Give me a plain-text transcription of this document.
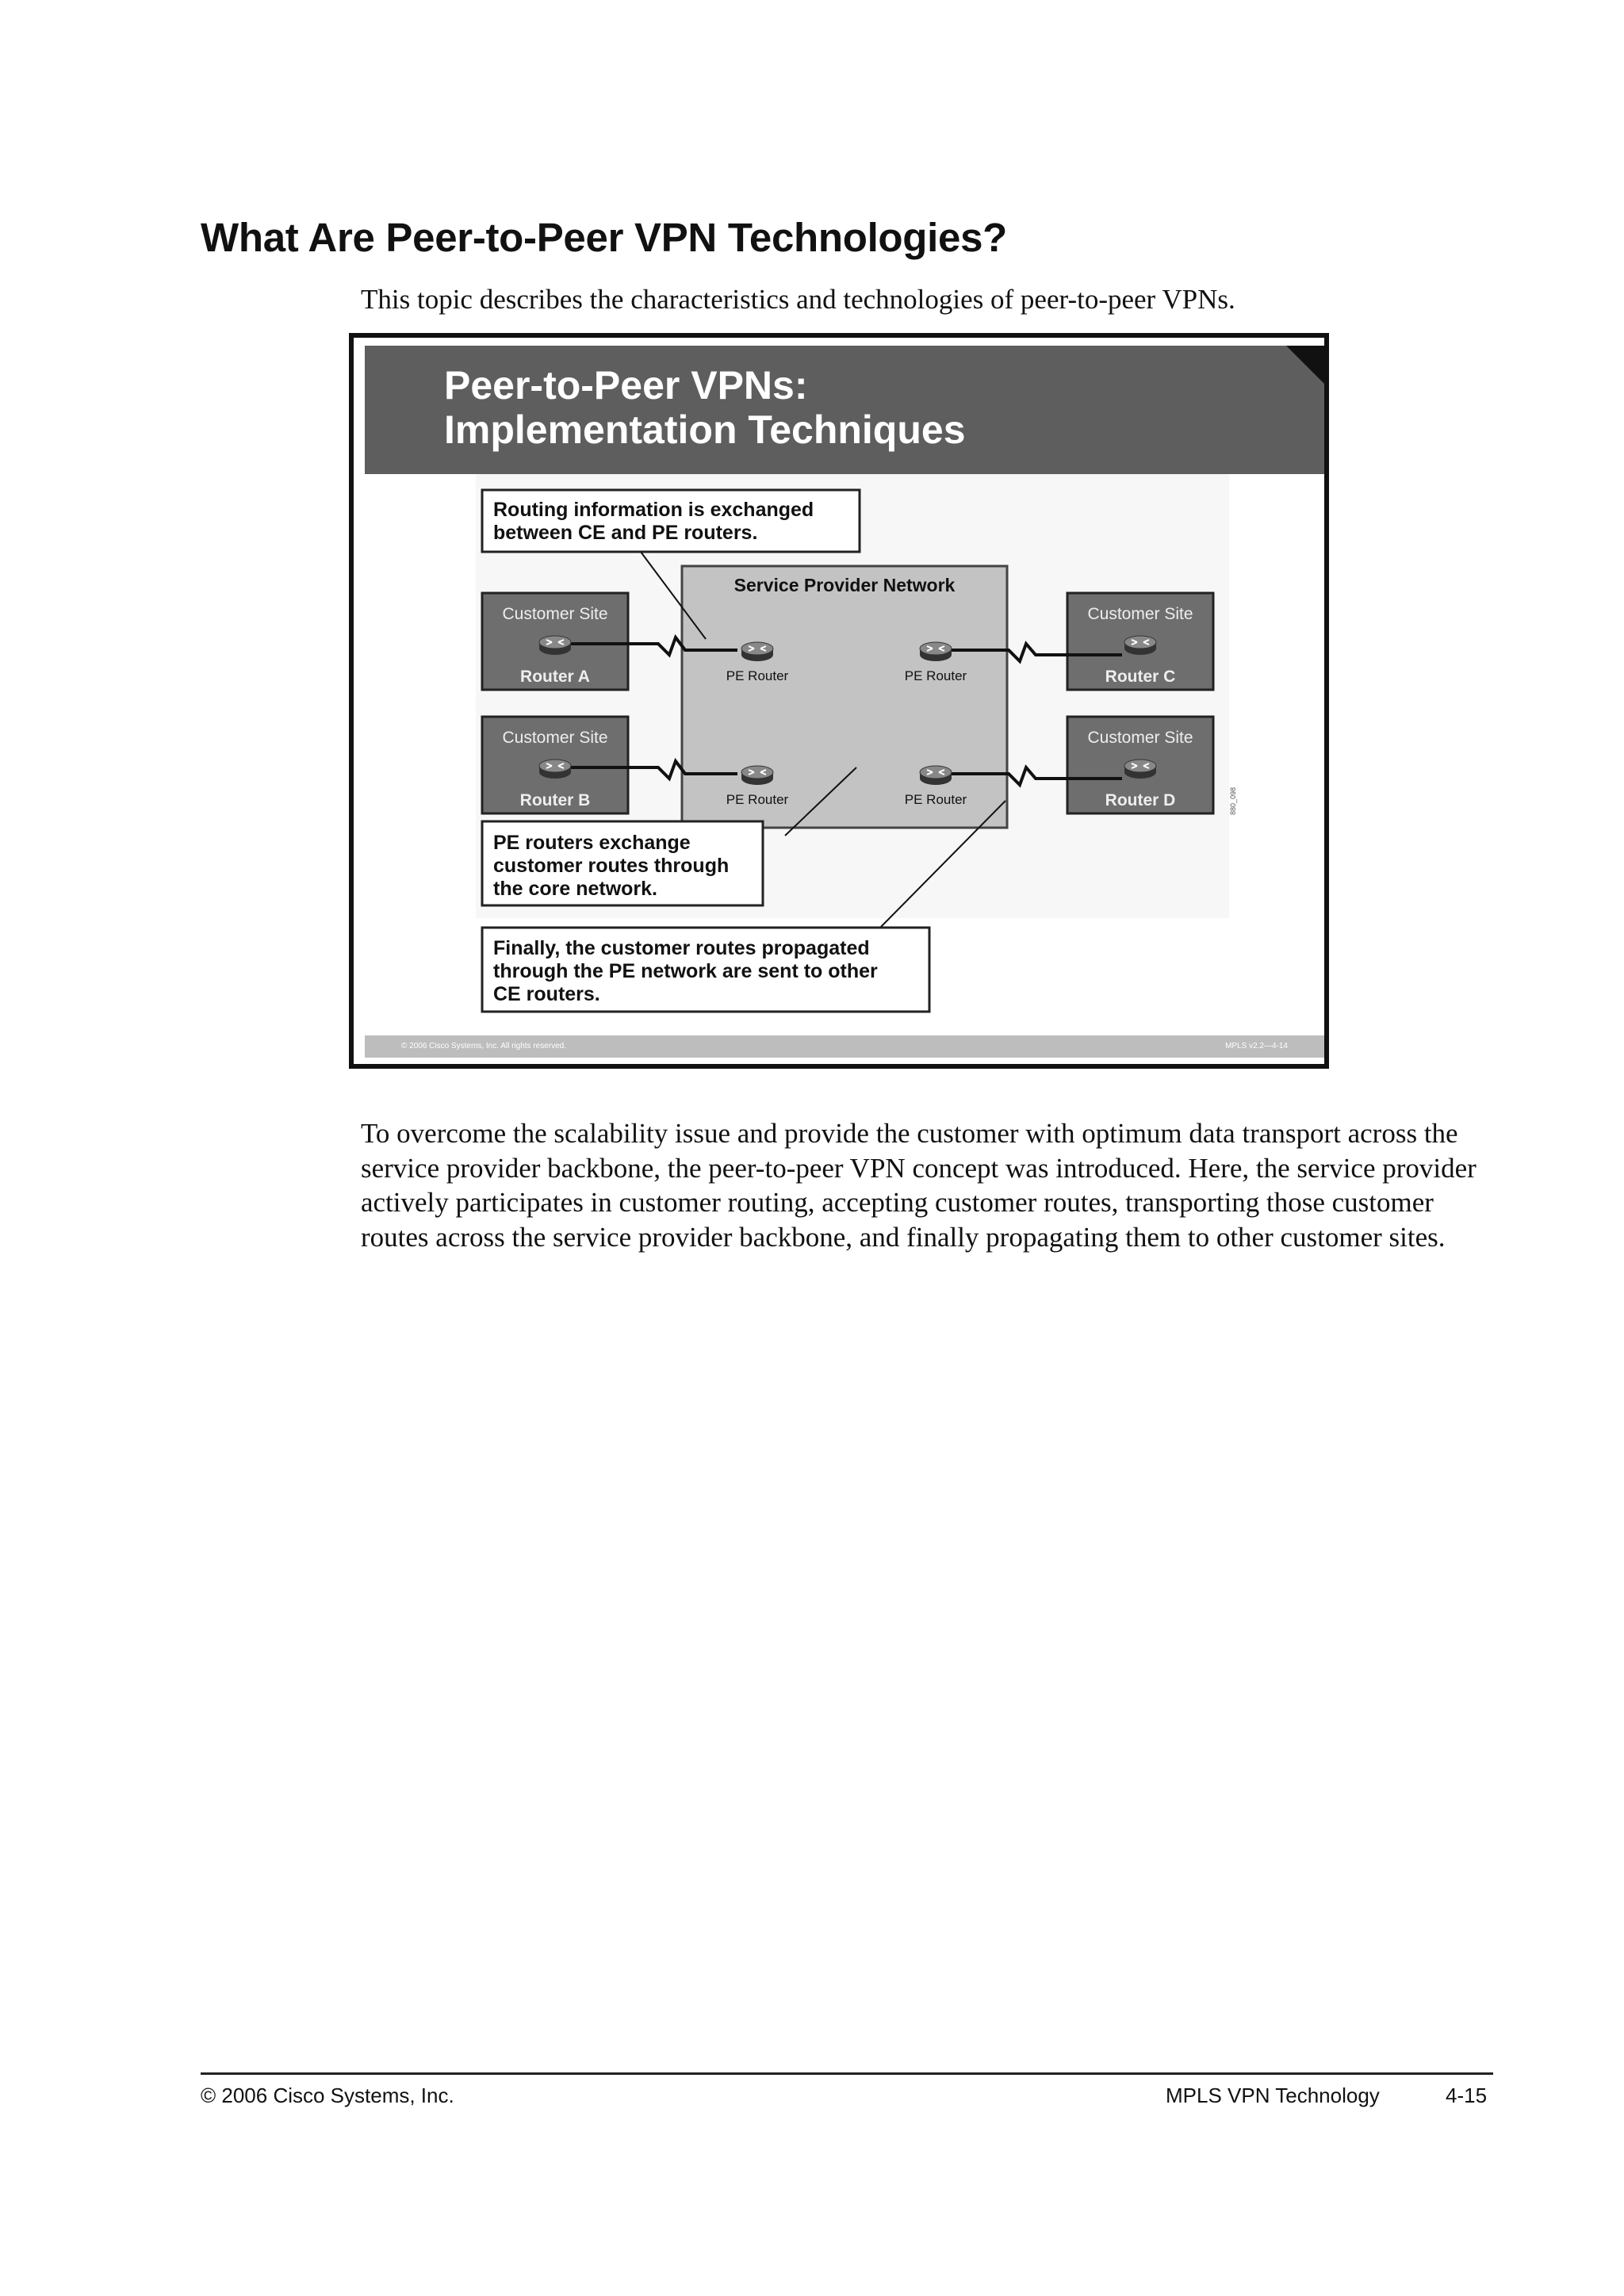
What Are Peer-to-Peer VPN Technologies?

This topic describes the characteristics and technologies of peer-to-peer VPNs.

Peer-to-Peer VPNs:
Implementation Techniques
Service Provider Network
Customer Site
Customer Site
Customer Site
Customer Site
Router A
Router B
Router C
Router D
PE Router	PE Router
PE Router	PE Router	880_098
Routing information is exchanged
between CE and PE routers.
PE routers exchange
customer routes through
the core network.
Finally, the customer routes propagated
through the PE network are sent to other
CE routers.
© 2006 Cisco Systems, Inc. All rights reserved.	MPLS v2.2—4-14

To overcome the scalability issue and provide the customer with optimum data transport across the service provider backbone, the peer-to-peer VPN concept was introduced. Here, the service provider actively participates in customer routing, accepting customer routes, transporting those customer routes across the service provider backbone, and finally propagating them to other customer sites.

© 2006 Cisco Systems, Inc.	MPLS VPN Technology	4-15
